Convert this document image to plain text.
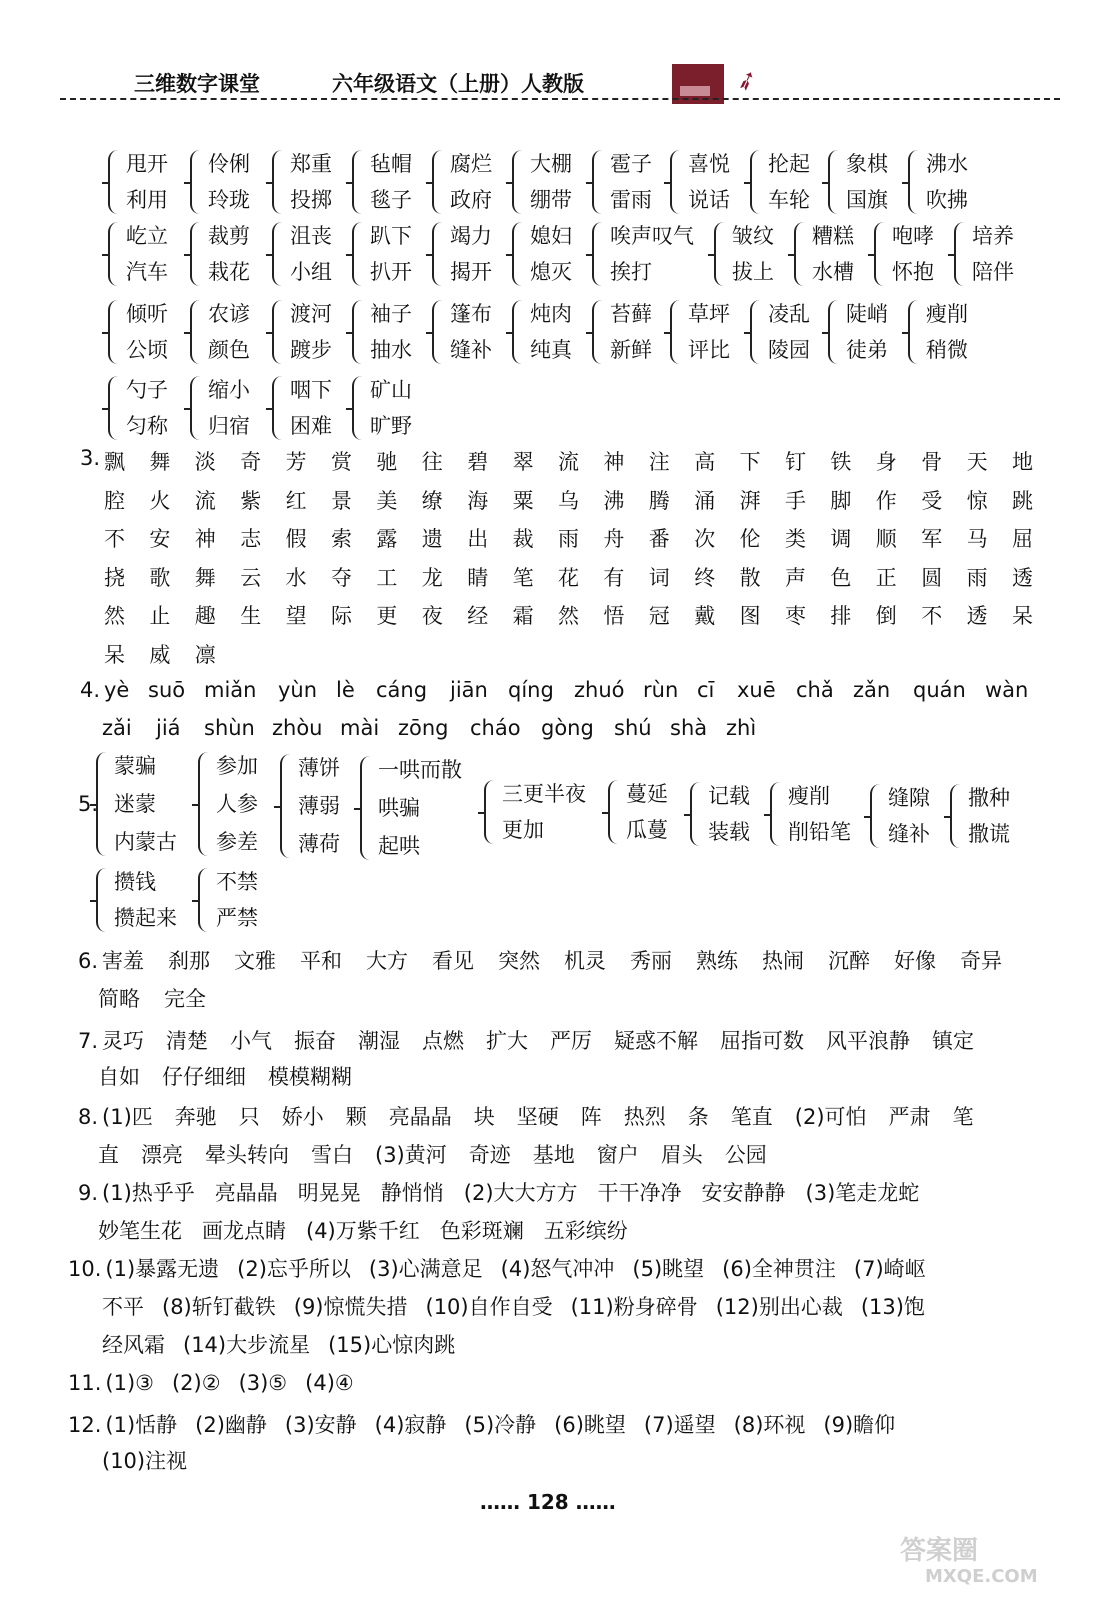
三维数字课堂	六年级语文（上册）人教版	➶
甩开
利用
伶俐
玲珑
郑重
投掷
毡帽
毯子
腐烂
政府
大棚
绷带
雹子
雷雨
喜悦
说话
抡起
车轮
象棋
国旗
沸水
吹拂
屹立
汽车
裁剪
栽花
沮丧
小组
趴下
扒开
竭力
揭开
媳妇
熄灭
唉声叹气
挨打
皱纹
拔上
糟糕
水槽
咆哮
怀抱
培养
陪伴
倾听
公顷
农谚
颜色
渡河
踱步
袖子
抽水
篷布
缝补
炖肉
纯真
苔藓
新鲜
草坪
评比
凌乱
陵园
陡峭
徒弟
瘦削
稍微
勺子
匀称
缩小
归宿
咽下
困难
矿山
旷野
3. 飘 舞 淡 奇 芳 赏 驰 往 碧 翠 流 神 注 高 下 钉 铁 身 骨 天 地
腔 火 流 紫 红 景 美 缭 海 粟 乌 沸 腾 涌 湃 手 脚 作 受 惊 跳
不 安 神 志 假 索 露 遗 出 裁 雨 舟 番 次 伦 类 调 顺 军 马 屈
挠 歌 舞 云 水 夺 工 龙 睛 笔 花 有 词 终 散 声 色 正 圆 雨 透
然 止 趣 生 望 际 更 夜 经 霜 然 悟 冠 戴 图 枣 排 倒 不 透 呆
呆 威 凛
4. yè suō miǎn yùn lè cáng jiān qíng zhuó rùn cī xuē chǎ zǎn quán wàn
zǎi jiá shùn zhòu mài zōng cháo gòng shú shà zhì
5.
蒙骗
迷蒙
内蒙古
参加
人参
参差
薄饼
薄弱
薄荷
一哄而散
哄骗
起哄
三更半夜
更加
蔓延
瓜蔓
记载
装载
瘦削
削铅笔
缝隙
缝补
撒种
撒谎
攒钱
攒起来
不禁
严禁
6. 害羞 刹那 文雅 平和 大方 看见 突然 机灵 秀丽 熟练 热闹 沉醉 好像 奇异
简略 完全
7. 灵巧 清楚 小气 振奋 潮湿 点燃 扩大 严厉 疑惑不解 屈指可数 风平浪静 镇定
自如 仔仔细细 模模糊糊
8. (1)匹 奔驰 只 娇小 颗 亮晶晶 块 坚硬 阵 热烈 条 笔直 (2)可怕 严肃 笔
直 漂亮 晕头转向 雪白 (3)黄河 奇迹 基地 窗户 眉头 公园
9. (1)热乎乎 亮晶晶 明晃晃 静悄悄 (2)大大方方 干干净净 安安静静 (3)笔走龙蛇
妙笔生花 画龙点睛 (4)万紫千红 色彩斑斓 五彩缤纷
10. (1)暴露无遗 (2)忘乎所以 (3)心满意足 (4)怒气冲冲 (5)眺望 (6)全神贯注 (7)崎岖
不平 (8)斩钉截铁 (9)惊慌失措 (10)自作自受 (11)粉身碎骨 (12)别出心裁 (13)饱
经风霜 (14)大步流星 (15)心惊肉跳
11. (1)③ (2)② (3)⑤ (4)④
12. (1)恬静 (2)幽静 (3)安静 (4)寂静 (5)冷静 (6)眺望 (7)遥望 (8)环视 (9)瞻仰
(10)注视
…… 128 ……
答案圈
MXQE.COM
